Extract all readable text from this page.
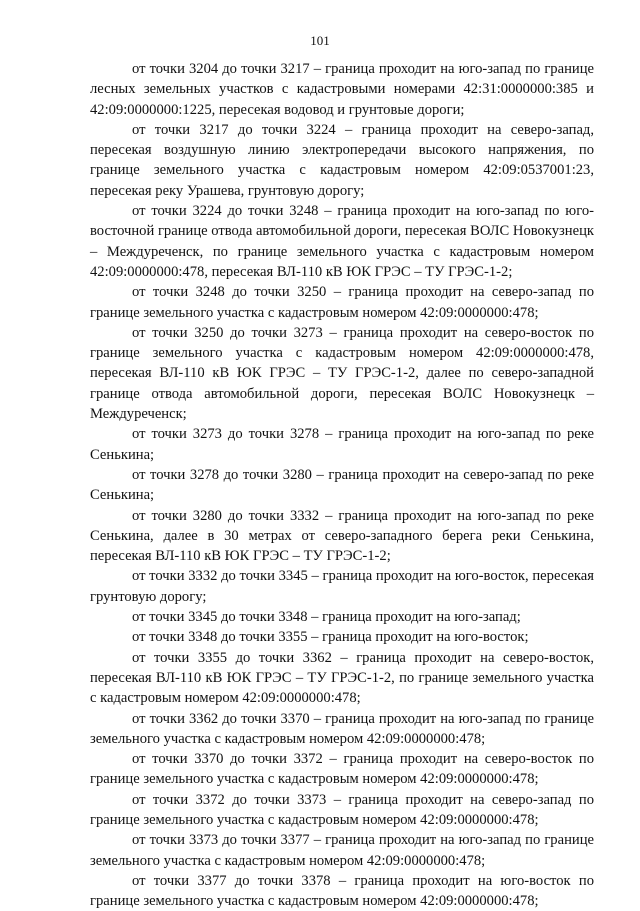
101

от точки 3204 до точки 3217 – граница проходит на юго-запад по границе лесных земельных участков с кадастровыми номерами 42:31:0000000:385 и 42:09:0000000:1225, пересекая водовод и грунтовые дороги;

от точки 3217 до точки 3224 – граница проходит на северо-запад, пересекая воздушную линию электропередачи высокого напряжения, по границе земельного участка с кадастровым номером 42:09:0537001:23, пересекая реку Урашева, грунтовую дорогу;

от точки 3224 до точки 3248 – граница проходит на юго-запад по юго-восточной границе отвода автомобильной дороги, пересекая ВОЛС Новокузнецк – Междуреченск, по границе земельного участка с кадастровым номером 42:09:0000000:478, пересекая ВЛ-110 кВ ЮК ГРЭС – ТУ ГРЭС-1-2;

от точки 3248 до точки 3250 – граница проходит на северо-запад по границе земельного участка с кадастровым номером 42:09:0000000:478;

от точки 3250 до точки 3273 – граница проходит на северо-восток по границе земельного участка с кадастровым номером 42:09:0000000:478, пересекая ВЛ-110 кВ ЮК ГРЭС – ТУ ГРЭС-1-2, далее по северо-западной границе отвода автомобильной дороги, пересекая ВОЛС Новокузнецк – Междуреченск;

от точки 3273 до точки 3278 – граница проходит на юго-запад по реке Сенькина;

от точки 3278 до точки 3280 – граница проходит на северо-запад по реке Сенькина;

от точки 3280 до точки 3332 – граница проходит на юго-запад по реке Сенькина, далее в 30 метрах от северо-западного берега реки Сенькина, пересекая ВЛ-110 кВ ЮК ГРЭС – ТУ ГРЭС-1-2;

от точки 3332 до точки 3345 – граница проходит на юго-восток, пересекая грунтовую дорогу;

от точки 3345 до точки 3348 – граница проходит на юго-запад;

от точки 3348 до точки 3355 – граница проходит на юго-восток;

от точки 3355 до точки 3362 – граница проходит на северо-восток, пересекая ВЛ-110 кВ ЮК ГРЭС – ТУ ГРЭС-1-2, по границе земельного участка с кадастровым номером 42:09:0000000:478;

от точки 3362 до точки 3370 – граница проходит на юго-запад по границе земельного участка с кадастровым номером 42:09:0000000:478;

от точки 3370 до точки 3372 – граница проходит на северо-восток по границе земельного участка с кадастровым номером 42:09:0000000:478;

от точки 3372 до точки 3373 – граница проходит на северо-запад по границе земельного участка с кадастровым номером 42:09:0000000:478;

от точки 3373 до точки 3377 – граница проходит на юго-запад по границе земельного участка с кадастровым номером 42:09:0000000:478;

от точки 3377 до точки 3378 – граница проходит на юго-восток по границе земельного участка с кадастровым номером 42:09:0000000:478;
